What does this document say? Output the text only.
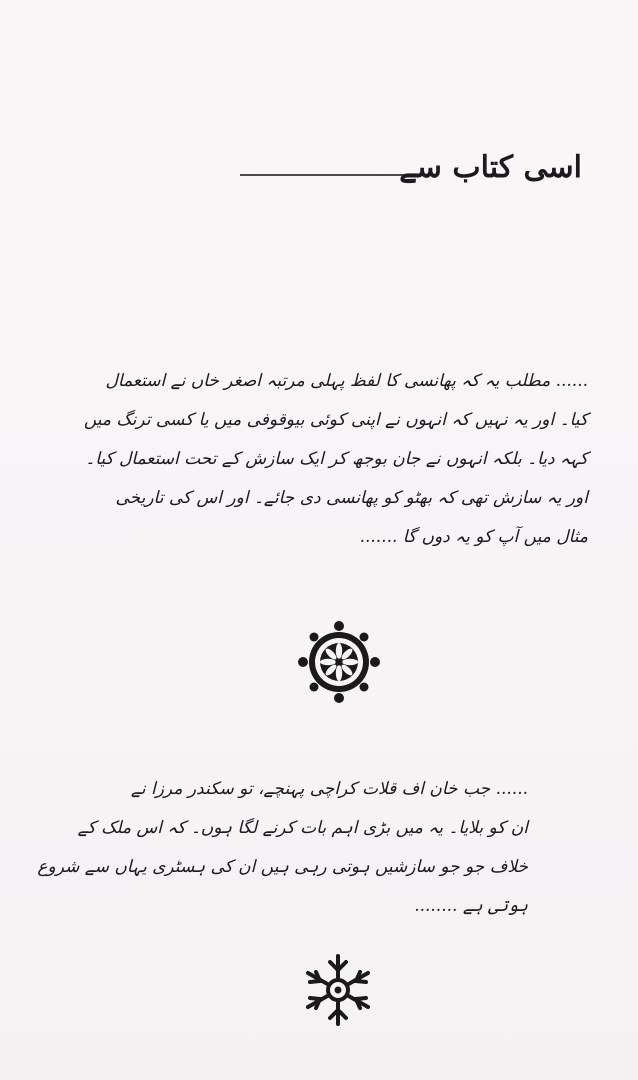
اسی کتاب سے
...... مطلب یہ کہ پھانسی کا لفظ پہلی مرتبہ اصغر خاں نے استعمال
کیا۔ اور یہ نہیں کہ انہوں نے اپنی کوئی بیوقوفی میں یا کسی ترنگ میں
کہہ دیا۔ بلکہ انہوں نے جان بوجھ کر ایک سازش کے تحت استعمال کیا۔
اور یہ سازش تھی کہ بھٹو کو پھانسی دی جائے۔ اور اس کی تاریخی
مثال میں آپ کو یہ دوں گا .......
...... جب خان اف قلات کراچی پہنچے، تو سکندر مرزا نے
ان کو بلایا۔ یہ میں بڑی اہم بات کرنے لگا ہوں۔ کہ اس ملک کے
خلاف جو جو سازشیں ہوتی رہی ہیں ان کی ہسٹری یہاں سے شروع
ہوتی ہے ........
